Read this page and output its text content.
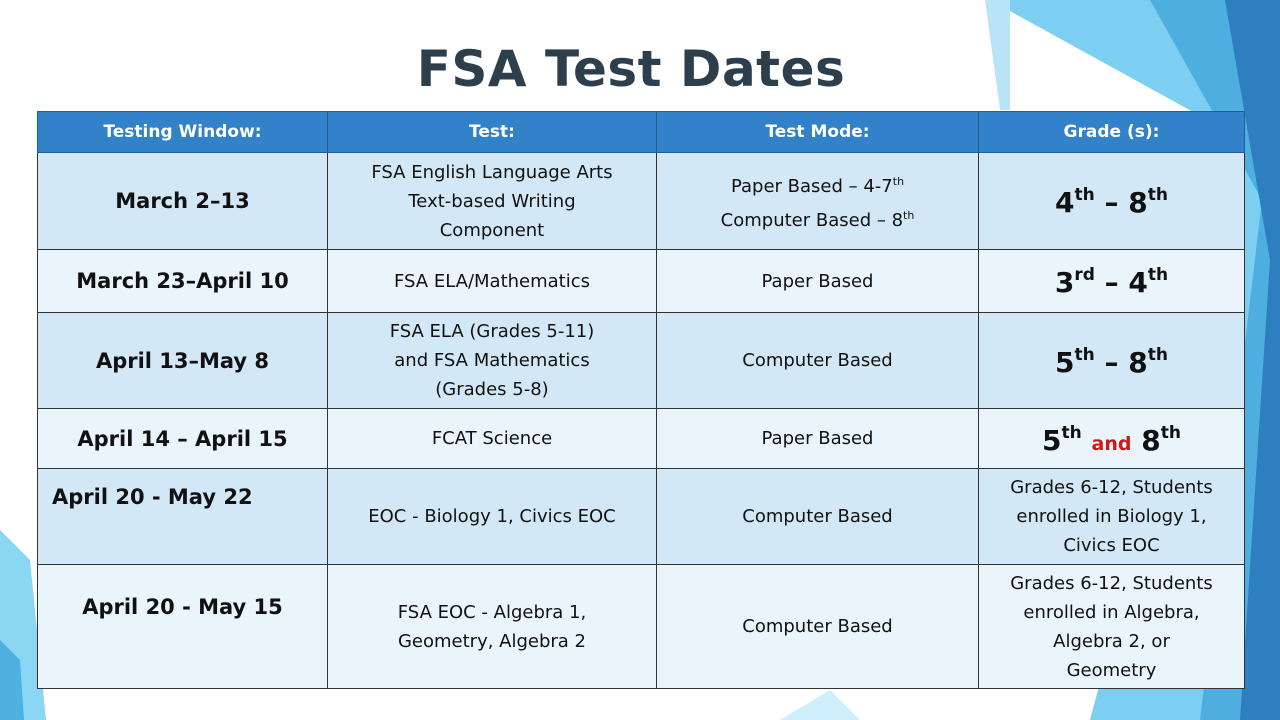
FSA Test Dates
Testing Window:	Test:	Test Mode:	Grade (s):
March 2–13	FSA English Language Arts
Text-based Writing
Component	Paper Based – 4-7th
Computer Based – 8th	4th – 8th
March 23–April 10	FSA ELA/Mathematics	Paper Based	3rd – 4th
April 13–May 8	FSA ELA (Grades 5-11)
and FSA Mathematics
(Grades 5-8)	Computer Based	5th – 8th
April 14 – April 15	FCAT Science	Paper Based	5th and 8th
April 20 - May 22	EOC - Biology 1, Civics EOC	Computer Based	Grades 6-12, Students
enrolled in Biology 1,
Civics EOC

April 20 - May 15	FSA EOC - Algebra 1,
Geometry, Algebra 2	Computer Based	Grades 6-12, Students
enrolled in Algebra,
Algebra 2, or
Geometry
